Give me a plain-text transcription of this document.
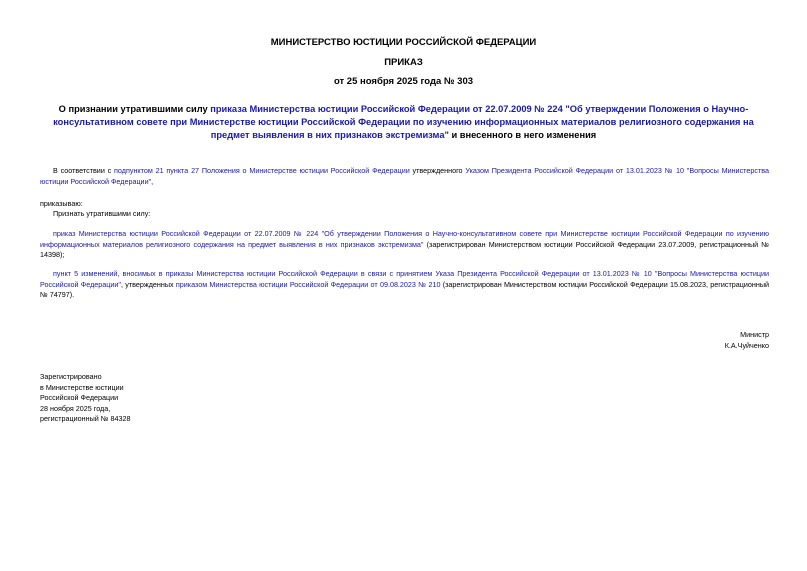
МИНИСТЕРСТВО ЮСТИЦИИ РОССИЙСКОЙ ФЕДЕРАЦИИ
ПРИКАЗ
от 25 ноября 2025 года № 303
О признании утратившими силу приказа Министерства юстиции Российской Федерации от 22.07.2009 № 224 "Об утверждении Положения о Научно-консультативном совете при Министерстве юстиции Российской Федерации по изучению информационных материалов религиозного содержания на предмет выявления в них признаков экстремизма" и внесенного в него изменения
В соответствии с подпунктом 21 пункта 27 Положения о Министерстве юстиции Российской Федерации утвержденного Указом Президента Российской Федерации от 13.01.2023 № 10 "Вопросы Министерства юстиции Российской Федерации",
приказываю:
Признать утратившими силу:
приказ Министерства юстиции Российской Федерации от 22.07.2009 № 224 "Об утверждении Положения о Научно-консультативном совете при Министерстве юстиции Российской Федерации по изучению информационных материалов религиозного содержания на предмет выявления в них признаков экстремизма" (зарегистрирован Министерством юстиции Российской Федерации 23.07.2009, регистрационный № 14398);
пункт 5 изменений, вносимых в приказы Министерства юстиции Российской Федерации в связи с принятием Указа Президента Российской Федерации от 13.01.2023 № 10 "Вопросы Министерства юстиции Российской Федерации", утвержденных приказом Министерства юстиции Российской Федерации от 09.08.2023 № 210 (зарегистрирован Министерством юстиции Российской Федерации 15.08.2023, регистрационный № 74797).
Министр
К.А.Чуйченко
Зарегистрировано
в Министерстве юстиции
Российской Федерации
28 ноября 2025 года,
регистрационный № 84328
